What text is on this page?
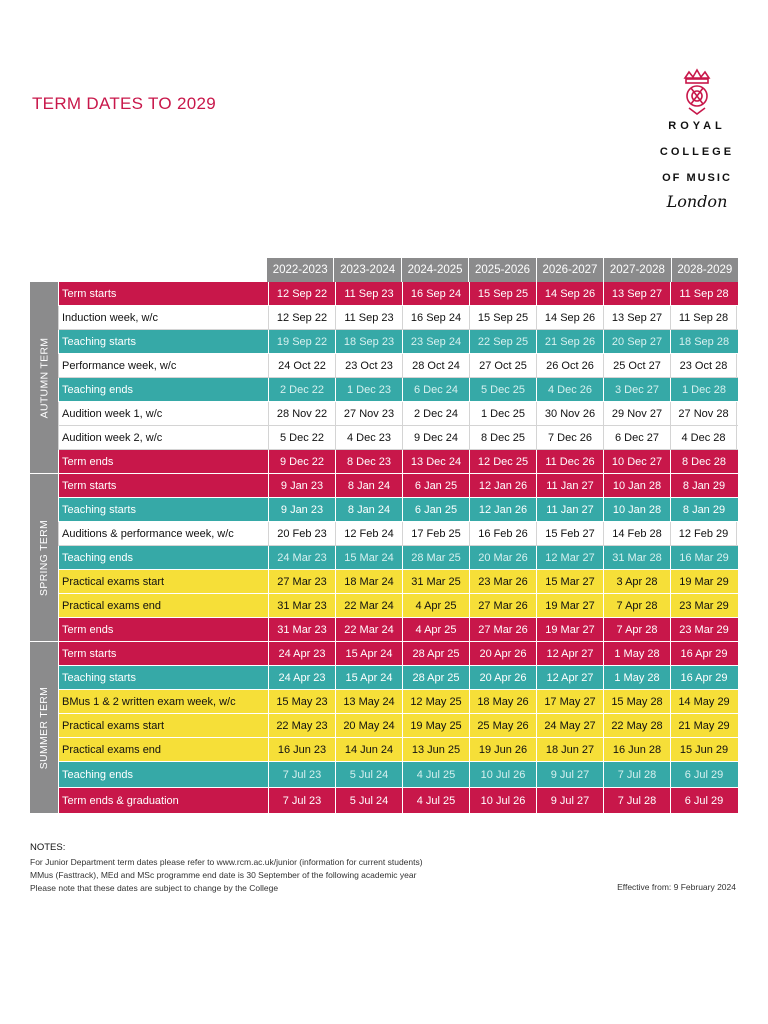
TERM DATES TO 2029
ROYAL
COLLEGE
OF MUSIC
London
2022-2023	2023-2024	2024-2025	2025-2026	2026-2027	2027-2028	2028-2029
AUTUMN TERM
SPRING TERM
SUMMER TERM
Term starts	12 Sep 22	11 Sep 23	16 Sep 24	15 Sep 25	14 Sep 26	13 Sep 27	11 Sep 28
Induction week, w/c	12 Sep 22	11 Sep 23	16 Sep 24	15 Sep 25	14 Sep 26	13 Sep 27	11 Sep 28
Teaching starts	19 Sep 22	18 Sep 23	23 Sep 24	22 Sep 25	21 Sep 26	20 Sep 27	18 Sep 28
Performance week, w/c	24 Oct 22	23 Oct 23	28 Oct 24	27 Oct 25	26 Oct 26	25 Oct 27	23 Oct 28
Teaching ends	2 Dec 22	1 Dec 23	6 Dec 24	5 Dec 25	4 Dec 26	3 Dec 27	1 Dec 28
Audition week 1, w/c	28 Nov 22	27 Nov 23	2 Dec 24	1 Dec 25	30 Nov 26	29 Nov 27	27 Nov 28
Audition week 2, w/c	5 Dec 22	4 Dec 23	9 Dec 24	8 Dec 25	7 Dec 26	6 Dec 27	4 Dec 28
Term ends	9 Dec 22	8 Dec 23	13 Dec 24	12 Dec 25	11 Dec 26	10 Dec 27	8 Dec 28
Term starts	9 Jan 23	8 Jan 24	6 Jan 25	12 Jan 26	11 Jan 27	10 Jan 28	8 Jan 29
Teaching starts	9 Jan 23	8 Jan 24	6 Jan 25	12 Jan 26	11 Jan 27	10 Jan 28	8 Jan 29
Auditions & performance week, w/c	20 Feb 23	12 Feb 24	17 Feb 25	16 Feb 26	15 Feb 27	14 Feb 28	12 Feb 29
Teaching ends	24 Mar 23	15 Mar 24	28 Mar 25	20 Mar 26	12 Mar 27	31 Mar 28	16 Mar 29
Practical exams start	27 Mar 23	18 Mar 24	31 Mar 25	23 Mar 26	15 Mar 27	3 Apr 28	19 Mar 29
Practical exams end	31 Mar 23	22 Mar 24	4 Apr 25	27 Mar 26	19 Mar 27	7 Apr 28	23 Mar 29
Term ends	31 Mar 23	22 Mar 24	4 Apr 25	27 Mar 26	19 Mar 27	7 Apr 28	23 Mar 29
Term starts	24 Apr 23	15 Apr 24	28 Apr 25	20 Apr 26	12 Apr 27	1 May 28	16 Apr 29
Teaching starts	24 Apr 23	15 Apr 24	28 Apr 25	20 Apr 26	12 Apr 27	1 May 28	16 Apr 29
BMus 1 & 2 written exam week, w/c	15 May 23	13 May 24	12 May 25	18 May 26	17 May 27	15 May 28	14 May 29
Practical exams start	22 May 23	20 May 24	19 May 25	25 May 26	24 May 27	22 May 28	21 May 29
Practical exams end	16 Jun 23	14 Jun 24	13 Jun 25	19 Jun 26	18 Jun 27	16 Jun 28	15 Jun 29
Teaching ends	7 Jul 23	5 Jul 24	4 Jul 25	10 Jul 26	9 Jul 27	7 Jul 28	6 Jul 29
Term ends & graduation	7 Jul 23	5 Jul 24	4 Jul 25	10 Jul 26	9 Jul 27	7 Jul 28	6 Jul 29
NOTES:
For Junior Department term dates please refer to www.rcm.ac.uk/junior (information for current students)
MMus (Fasttrack), MEd and MSc programme end date is 30 September of the following academic year
Please note that these dates are subject to change by the College	Effective from: 9 February 2024
